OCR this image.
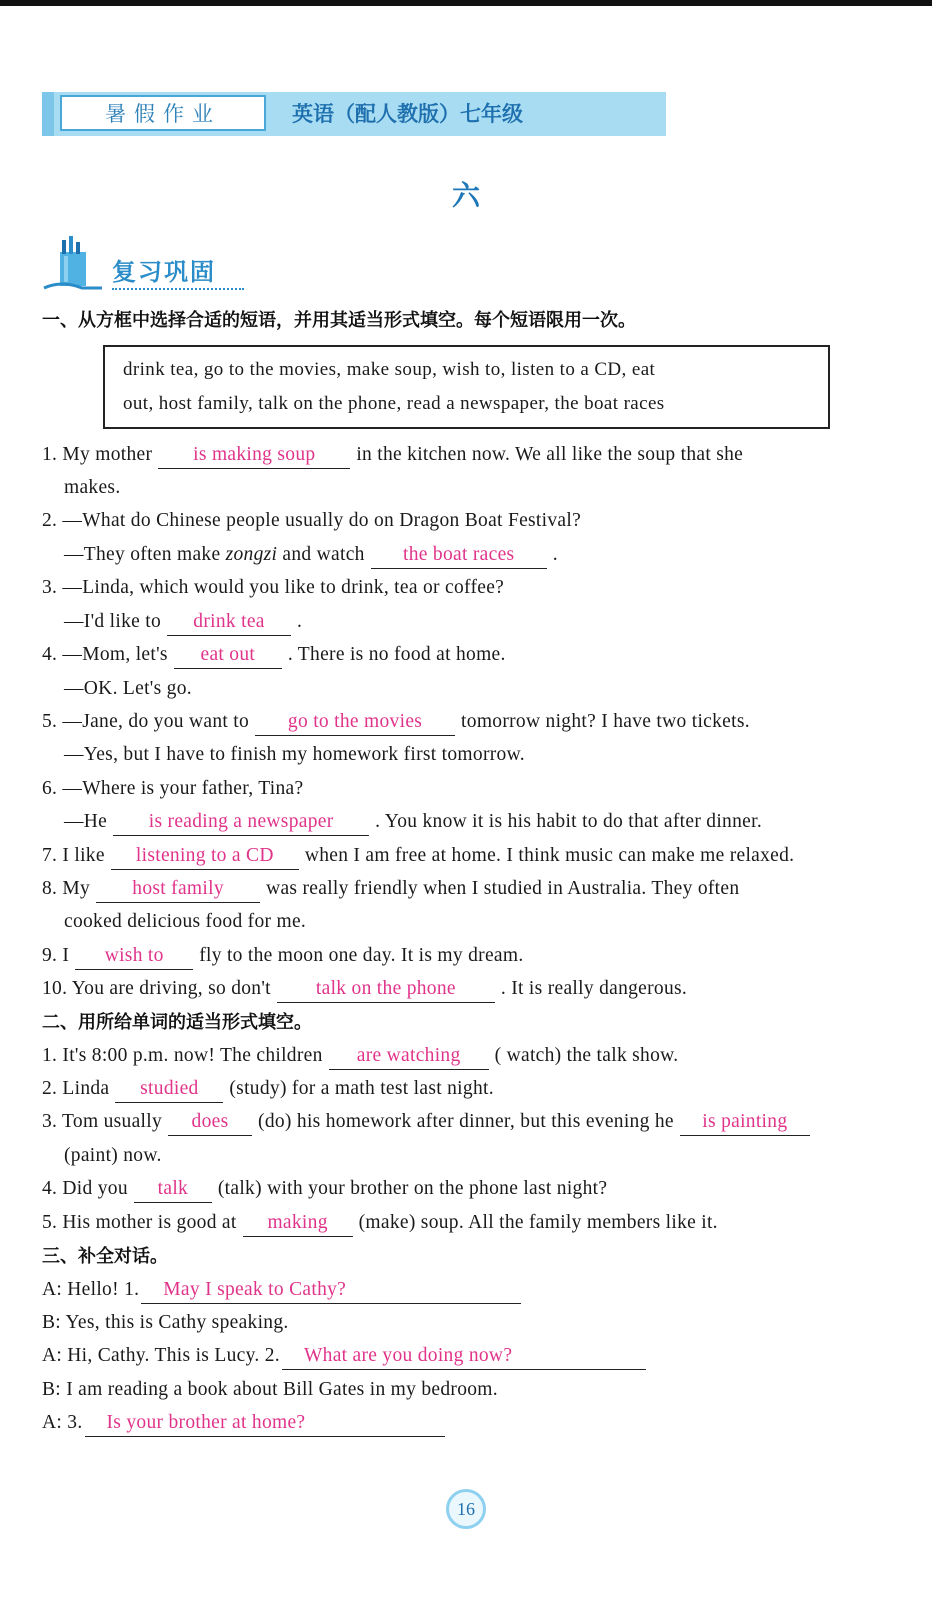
暑假作业	英语（配人教版）七年级
六
复习巩固
一、从方框中选择合适的短语，并用其适当形式填空。每个短语限用一次。
drink tea, go to the movies, make soup, wish to, listen to a CD, eat
out, host family, talk on the phone, read a newspaper, the boat races
1. My mother is making soup in the kitchen now. We all like the soup that she
makes.
2. —What do Chinese people usually do on Dragon Boat Festival?
—They often make zongzi and watch the boat races .
3. —Linda, which would you like to drink, tea or coffee?
—I'd like to drink tea .
4. —Mom, let's eat out . There is no food at home.
—OK. Let's go.
5. —Jane, do you want to go to the movies tomorrow night? I have two tickets.
—Yes, but I have to finish my homework first tomorrow.
6. —Where is your father, Tina?
—He is reading a newspaper . You know it is his habit to do that after dinner.
7. I like listening to a CD when I am free at home. I think music can make me relaxed.
8. My host family was really friendly when I studied in Australia. They often
cooked delicious food for me.
9. I wish to fly to the moon one day. It is my dream.
10. You are driving, so don't talk on the phone . It is really dangerous.
二、用所给单词的适当形式填空。
1. It's 8:00 p.m. now! The children are watching ( watch) the talk show.
2. Linda studied (study) for a math test last night.
3. Tom usually does (do) his homework after dinner, but this evening he is painting
(paint) now.
4. Did you talk (talk) with your brother on the phone last night?
5. His mother is good at making (make) soup. All the family members like it.
三、补全对话。
A: Hello! 1. May I speak to Cathy?
B: Yes, this is Cathy speaking.
A: Hi, Cathy. This is Lucy. 2. What are you doing now?
B: I am reading a book about Bill Gates in my bedroom.
A: 3. Is your brother at home?
16
